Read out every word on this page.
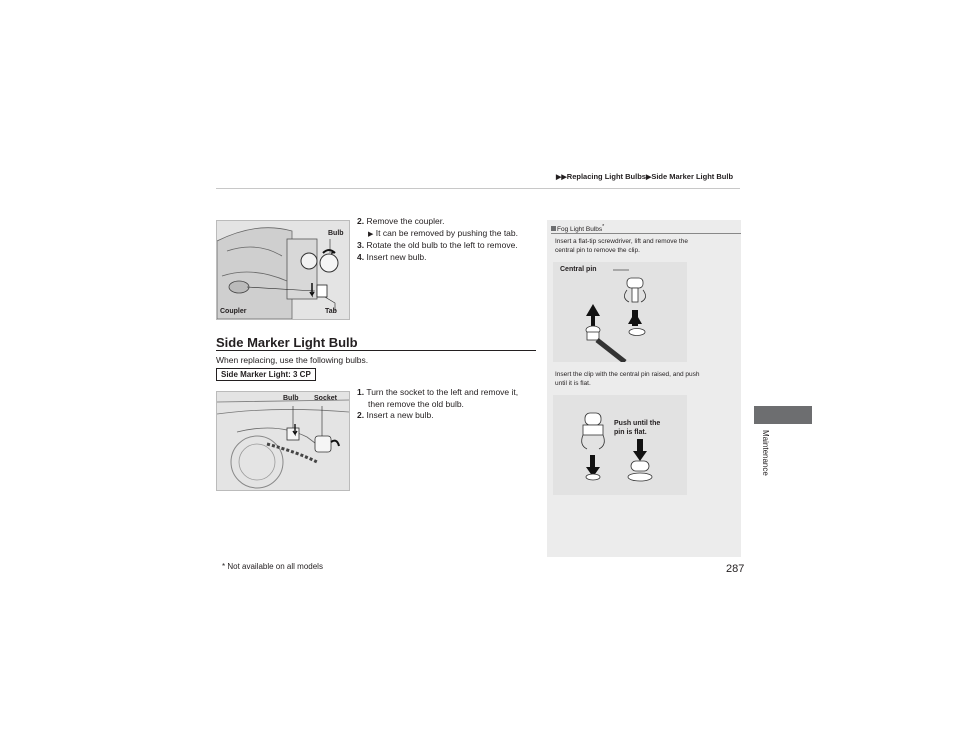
▶▶Replacing Light Bulbs▶Side Marker Light Bulb
Maintenance
Bulb
Coupler	Tab
2. Remove the coupler.
▶ It can be removed by pushing the tab.
3. Rotate the old bulb to the left to remove.
4. Insert new bulb.
Side Marker Light Bulb
When replacing, use the following bulbs.
Side Marker Light: 3 CP
Bulb Socket
1. Turn the socket to the left and remove it,
then remove the old bulb.
2. Insert a new bulb.
Fog Light Bulbs*
Insert a flat-tip screwdriver, lift and remove the
central pin to remove the clip.
Central pin
Insert the clip with the central pin raised, and push
until it is flat.
Push until the
pin is flat.
* Not available on all models	287
